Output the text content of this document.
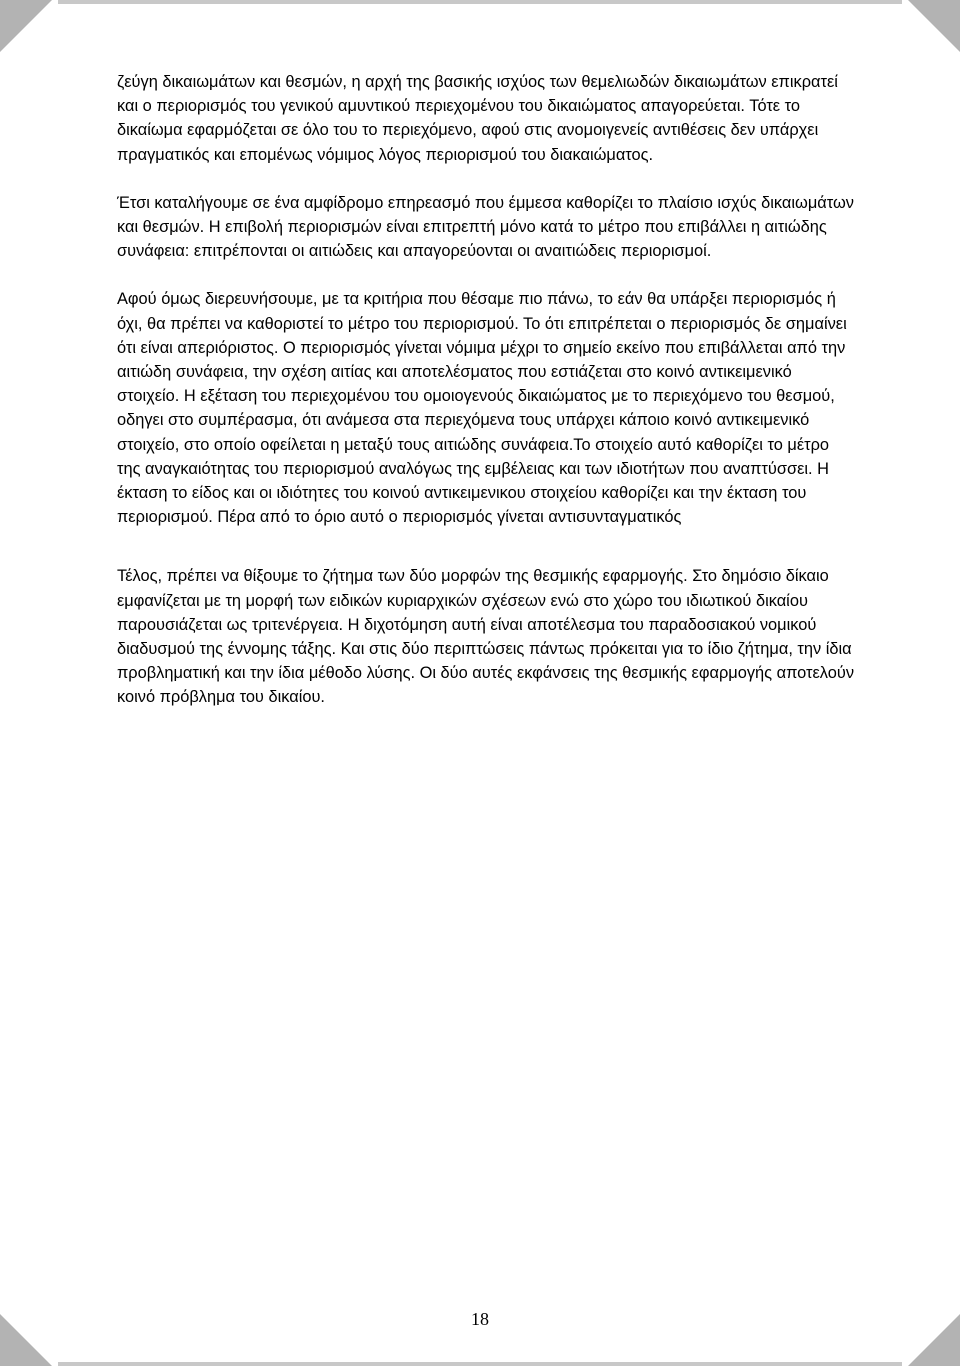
ζεύγη δικαιωμάτων και θεσμών, η αρχή της βασικής ισχύος των θεμελιωδών δικαιωμάτων επικρατεί και ο περιορισμός του γενικού αμυντικού περιεχομένου του δικαιώματος απαγορεύεται. Τότε το δικαίωμα εφαρμόζεται σε όλο του το περιεχόμενο, αφού στις ανομοιγενείς αντιθέσεις δεν υπάρχει πραγματικός και επομένως νόμιμος λόγος περιορισμού του διακαιώματος.

Έτσι καταλήγουμε σε ένα αμφίδρομο επηρεασμό που έμμεσα καθορίζει το πλαίσιο ισχύς δικαιωμάτων και θεσμών. Η επιβολή περιορισμών είναι επιτρεπτή μόνο κατά το μέτρο που επιβάλλει η αιτιώδης συνάφεια: επιτρέπονται οι αιτιώδεις και απαγορεύονται οι αναιτιώδεις περιορισμοί.

Αφού όμως διερευνήσουμε, με τα κριτήρια που θέσαμε πιο πάνω, το εάν θα υπάρξει περιορισμός ή όχι, θα πρέπει να καθοριστεί το μέτρο του περιορισμού. Το ότι επιτρέπεται ο περιορισμός δε σημαίνει ότι είναι απεριόριστος. Ο περιορισμός γίνεται νόμιμα μέχρι το σημείο εκείνο που επιβάλλεται από την αιτιώδη συνάφεια, την σχέση αιτίας και αποτελέσματος που εστιάζεται στο κοινό αντικειμενικό στοιχείο. Η εξέταση του περιεχομένου του ομοιογενούς δικαιώματος με το περιεχόμενο του θεσμού, οδηγει στο συμπέρασμα, ότι ανάμεσα στα περιεχόμενα τους υπάρχει κάποιο κοινό αντικειμενικό στοιχείο, στο οποίο οφείλεται η μεταξύ τους αιτιώδης συνάφεια.Το στοιχείο αυτό καθορίζει το μέτρο της αναγκαιότητας του περιορισμού αναλόγως της εμβέλειας και των ιδιοτήτων που αναπτύσσει. Η έκταση το είδος και οι ιδιότητες του κοινού αντικειμενικου στοιχείου καθορίζει και την έκταση του περιορισμού. Πέρα από το όριο αυτό ο περιορισμός γίνεται αντισυνταγματικός

Τέλος, πρέπει να θίξουμε το ζήτημα των δύο μορφών της θεσμικής εφαρμογής. Στο δημόσιο δίκαιο εμφανίζεται με τη μορφή των ειδικών κυριαρχικών σχέσεων ενώ στο χώρο του ιδιωτικού δικαίου παρουσιάζεται ως τριτενέργεια. Η διχοτόμηση αυτή είναι αποτέλεσμα του παραδοσιακού νομικού διαδυσμού της έννομης τάξης. Και στις δύο περιπτώσεις πάντως πρόκειται για το ίδιο ζήτημα, την ίδια προβληματική και την ίδια μέθοδο λύσης. Οι δύο αυτές εκφάνσεις της θεσμικής εφαρμογής αποτελούν κοινό πρόβλημα του δικαίου.

18
